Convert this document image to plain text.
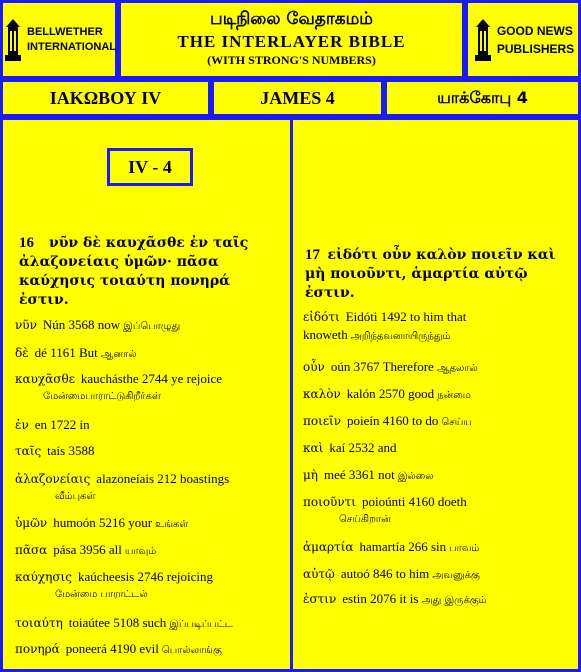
BELLWETHER
INTERNATIONAL
படிநிலை வேதாகமம்
THE INTERLAYER BIBLE
(WITH STRONG'S NUMBERS)
GOOD NEWS
PUBLISHERS
ΙΑΚΩΒΟΥ IV	JAMES 4	யாக்கோபு 4
IV - 4
16 νῦν δὲ καυχᾶσθε ἐν ταῖς ἀλαζονείαις ὑμῶν· πᾶσα καύχησις τοιαύτη πονηρά ἐστιν.
νῦν Nún 3568 now இப்பொழுது
δὲ dé 1161 But ஆனால்
καυχᾶσθε kauchásthe 2744 ye rejoice
மேன்மைபாராட்டுகிறீர்கள்
ἐν en 1722 in
ταῖς taís 3588
ἀλαζονείαις alazoneíais 212 boastings
வீம்புகள்
ὑμῶν humoón 5216 your உங்கள்
πᾶσα pása 3956 all யாவும்
καύχησις kaúcheesis 2746 rejoicing
மேன்மை பாராட்டல்
τοιαύτη toiaútee 5108 such இப்படிப்பட்ட
πονηρά poneerá 4190 evil பொல்லாங்கு
17 εἰδότι οὖν καλὸν ποιεῖν καὶ μὴ ποιοῦντι, ἁμαρτία αὐτῷ ἐστιν.
εἰδότι Eidóti 1492 to him that knoweth அறிந்தவனாயிருந்தும்
οὖν oún 3767 Therefore ஆதலால்
καλὸν kalón 2570 good நன்மை
ποιεῖν poieín 4160 to do செய்ய
καὶ kaí 2532 and
μὴ meé 3361 not இல்லை
ποιοῦντι poioúnti 4160 doeth
செய்கிறான்
ἁμαρτία hamartía 266 sin பாவம்
αὐτῷ autoó 846 to him அவனுக்கு
ἐστιν estin 2076 it is அது இருக்கும்
